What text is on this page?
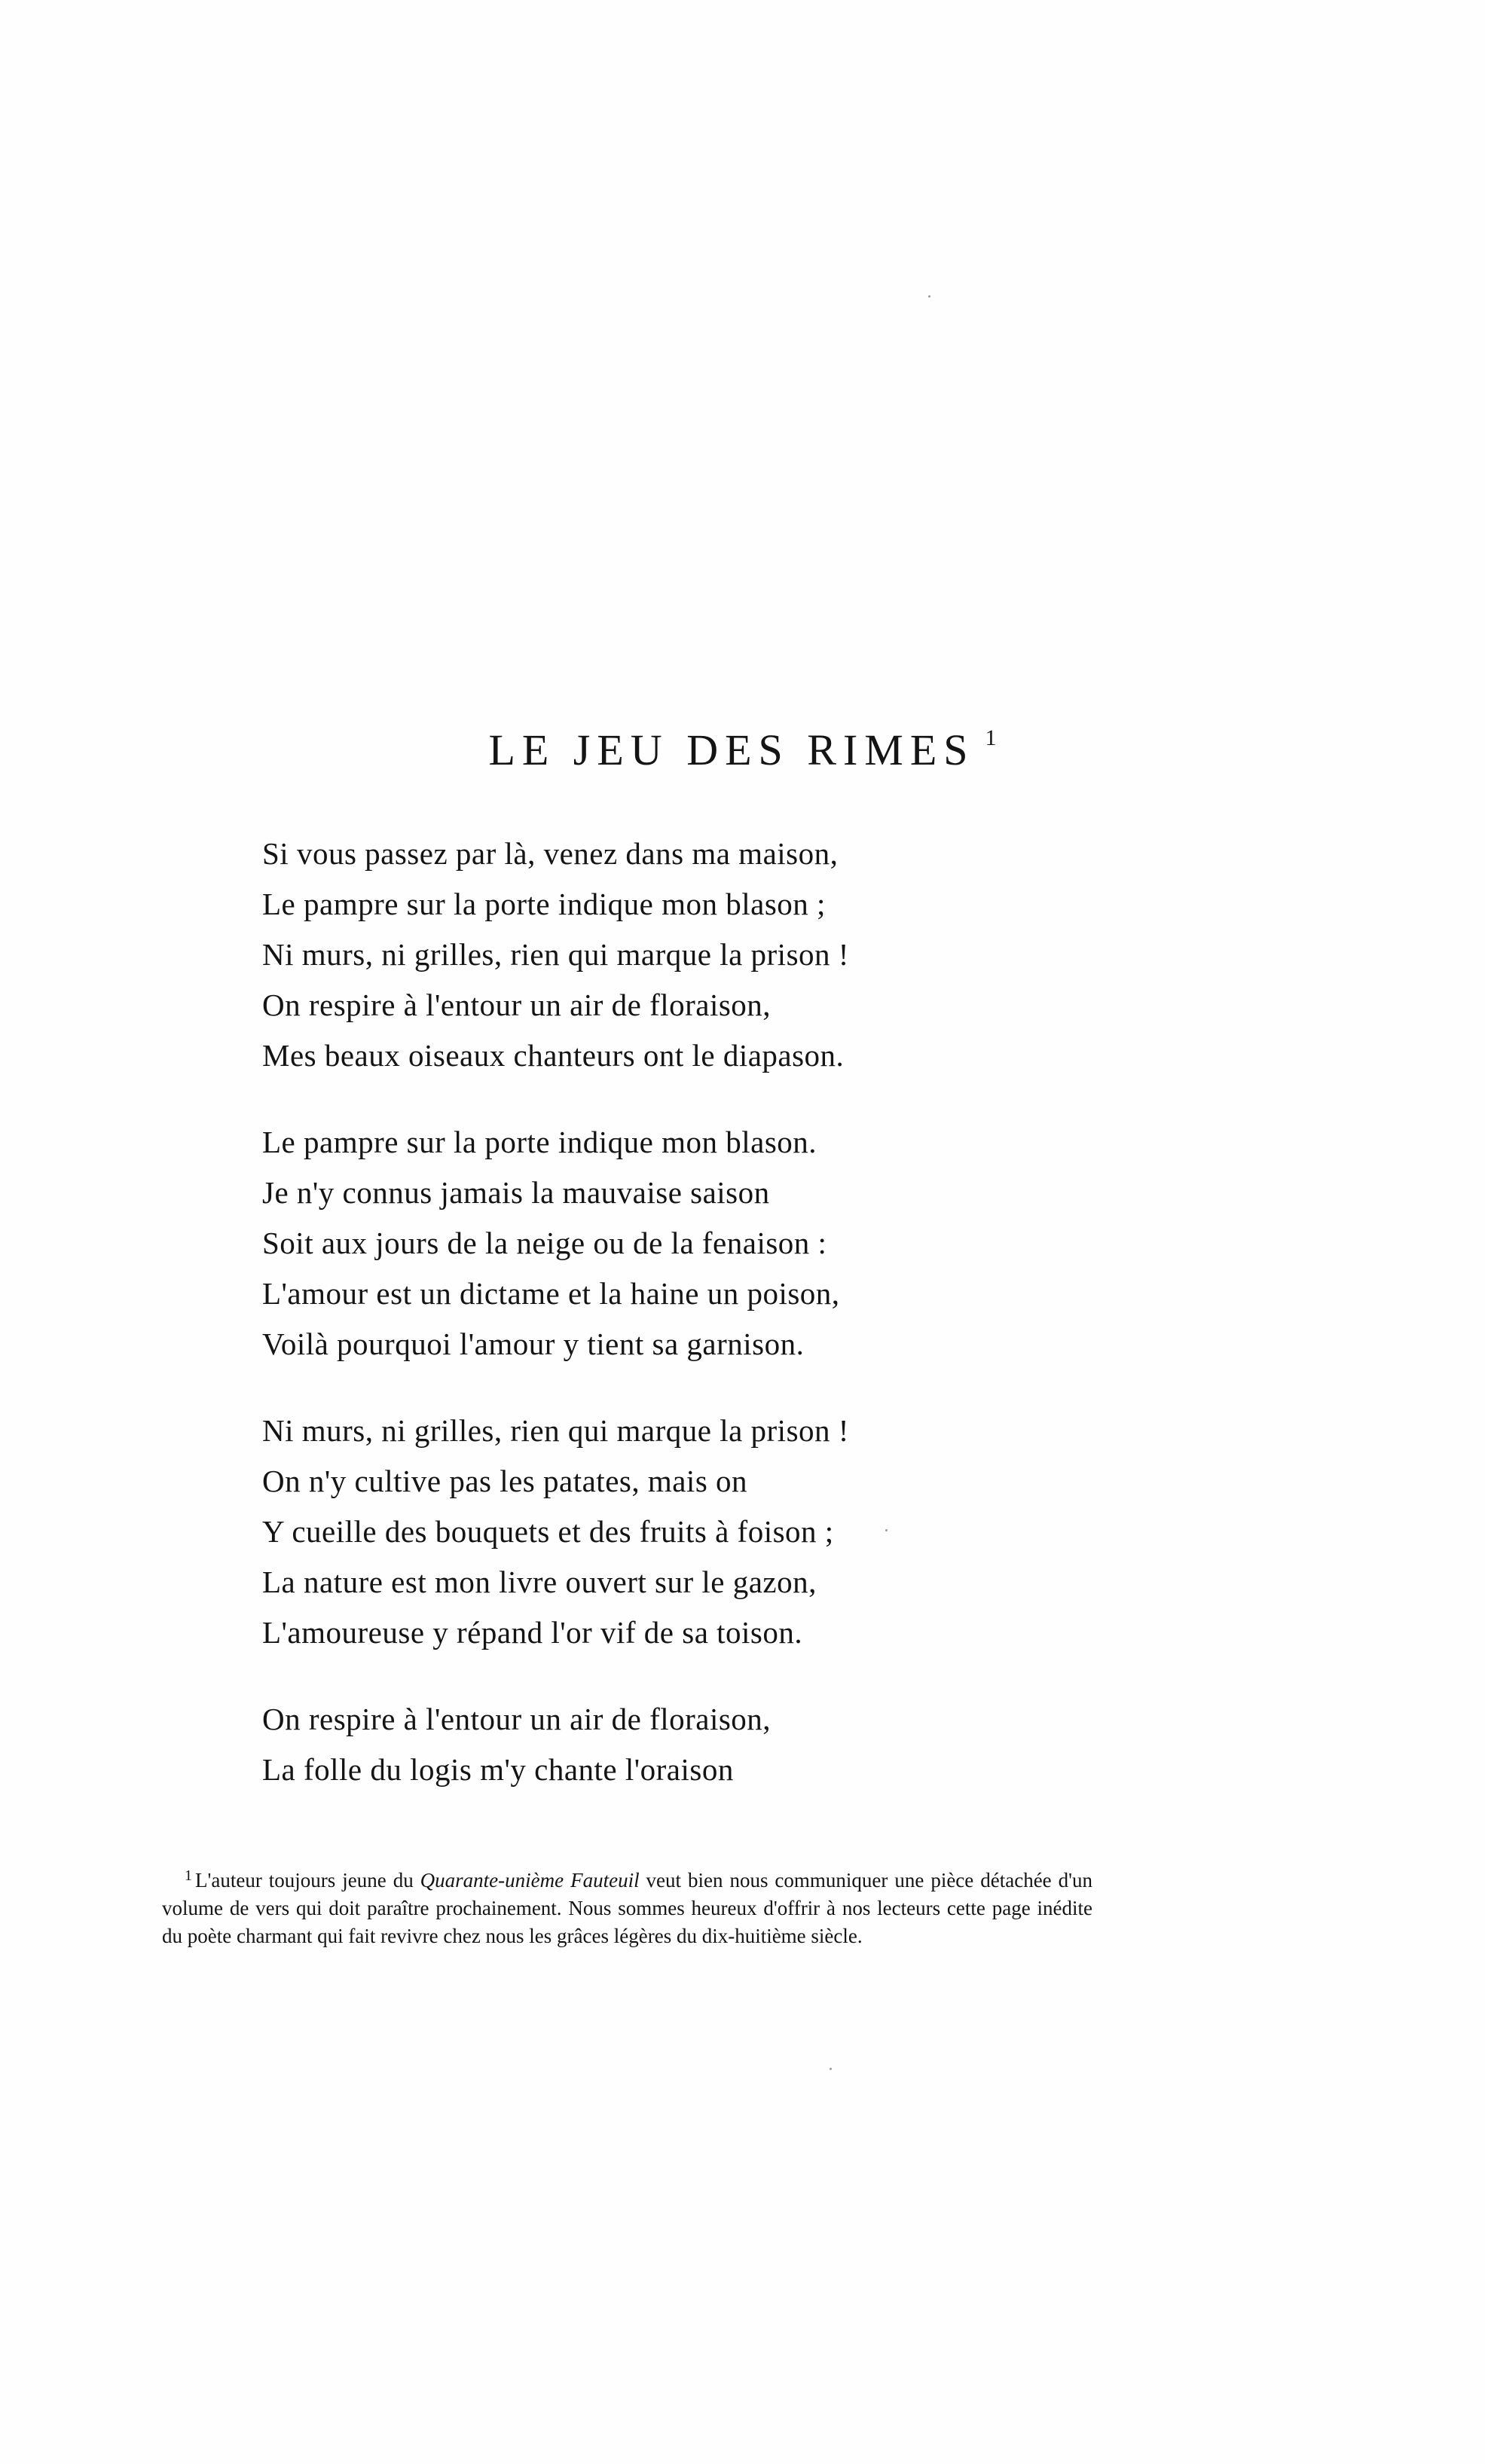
LE JEU DES RIMES $^1$
Si vous passez par là, venez dans ma maison,
Le pampre sur la porte indique mon blason ;
Ni murs, ni grilles, rien qui marque la prison !
On respire à l'entour un air de floraison,
Mes beaux oiseaux chanteurs ont le diapason.
Le pampre sur la porte indique mon blason.
Je n'y connus jamais la mauvaise saison
Soit aux jours de la neige ou de la fenaison :
L'amour est un dictame et la haine un poison,
Voilà pourquoi l'amour y tient sa garnison.
Ni murs, ni grilles, rien qui marque la prison !
On n'y cultive pas les patates, mais on
Y cueille des bouquets et des fruits à foison ;
La nature est mon livre ouvert sur le gazon,
L'amoureuse y répand l'or vif de sa toison.
On respire à l'entour un air de floraison,
La folle du logis m'y chante l'oraison

$^1$ L'auteur toujours jeune du Quarante-unième Fauteuil veut bien nous communiquer une pièce détachée d'un volume de vers qui doit paraître prochainement. Nous sommes heureux d'offrir à nos lecteurs cette page inédite du poète charmant qui fait revivre chez nous les grâces légères du dix-huitième siècle.
